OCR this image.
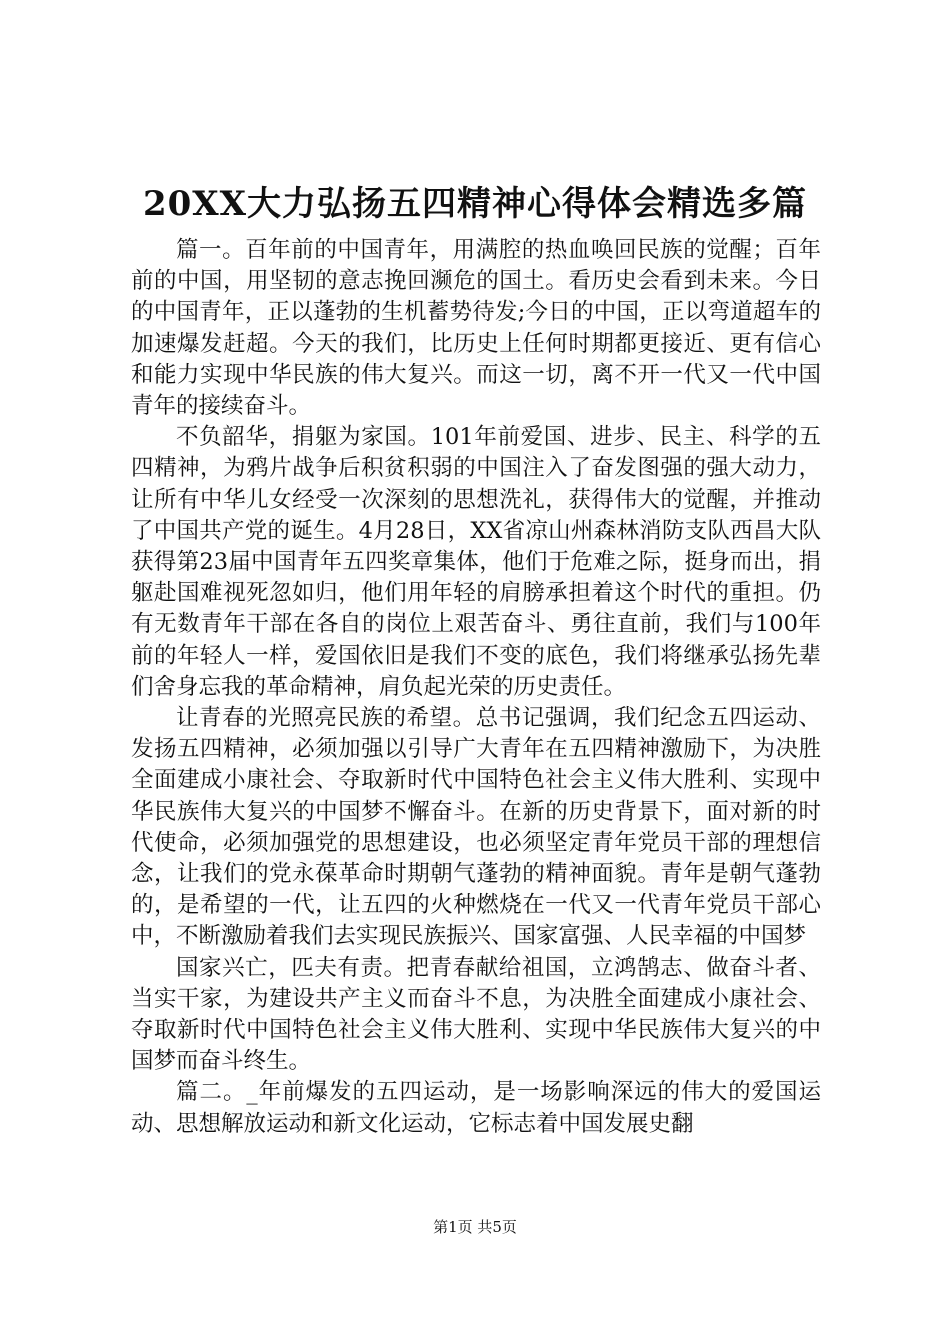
20XX大力弘扬五四精神心得体会精选多篇

篇一。百年前的中国青年，用满腔的热血唤回民族的觉醒；百年前的中国，用坚韧的意志挽回濒危的国土。看历史会看到未来。今日的中国青年，正以蓬勃的生机蓄势待发;今日的中国，正以弯道超车的加速爆发赶超。今天的我们，比历史上任何时期都更接近、更有信心和能力实现中华民族的伟大复兴。而这一切，离不开一代又一代中国青年的接续奋斗。

不负韶华，捐躯为家国。101年前爱国、进步、民主、科学的五四精神，为鸦片战争后积贫积弱的中国注入了奋发图强的强大动力，让所有中华儿女经受一次深刻的思想洗礼，获得伟大的觉醒，并推动了中国共产党的诞生。4月28日，XX省凉山州森林消防支队西昌大队获得第23届中国青年五四奖章集体，他们于危难之际，挺身而出，捐躯赴国难视死忽如归，他们用年轻的肩膀承担着这个时代的重担。仍有无数青年干部在各自的岗位上艰苦奋斗、勇往直前，我们与100年前的年轻人一样，爱国依旧是我们不变的底色，我们将继承弘扬先辈们舍身忘我的革命精神，肩负起光荣的历史责任。

让青春的光照亮民族的希望。总书记强调，我们纪念五四运动、发扬五四精神，必须加强以引导广大青年在五四精神激励下，为决胜全面建成小康社会、夺取新时代中国特色社会主义伟大胜利、实现中华民族伟大复兴的中国梦不懈奋斗。在新的历史背景下，面对新的时代使命，必须加强党的思想建设，也必须坚定青年党员干部的理想信念，让我们的党永葆革命时期朝气蓬勃的精神面貌。青年是朝气蓬勃的，是希望的一代，让五四的火种燃烧在一代又一代青年党员干部心中，不断激励着我们去实现民族振兴、国家富强、人民幸福的中国梦

国家兴亡，匹夫有责。把青春献给祖国，立鸿鹄志、做奋斗者、当实干家，为建设共产主义而奋斗不息，为决胜全面建成小康社会、夺取新时代中国特色社会主义伟大胜利、实现中华民族伟大复兴的中国梦而奋斗终生。

篇二。_年前爆发的五四运动，是一场影响深远的伟大的爱国运动、思想解放运动和新文化运动，它标志着中国发展史翻

第1页 共5页
